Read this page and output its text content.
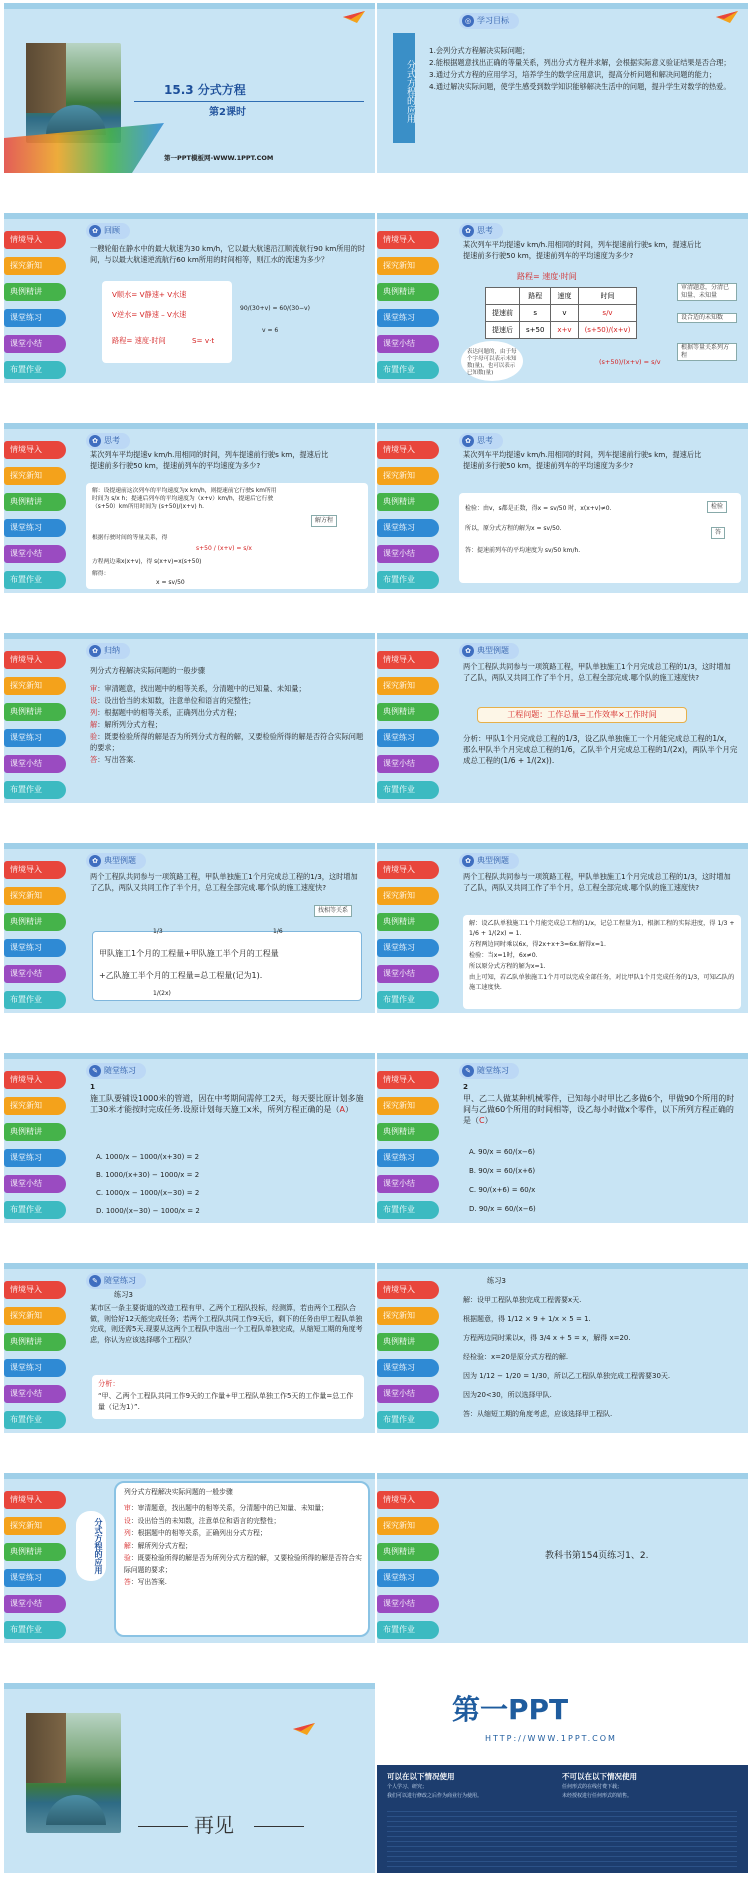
15.3 分式方程
第2课时
第一PPT模板网-WWW.1PPT.COM
分式方程的应用
◎ 学习目标

1.会列分式方程解决实际问题；

2.能根据题意找出正确的等量关系，列出分式方程并求解，会根据实际意义验证结果是否合理；

3.通过分式方程的应用学习，培养学生的数学应用意识，提高分析问题和解决问题的能力；

4.通过解决实际问题，使学生感受到数学知识能够解决生活中的问题，提升学生对数学的热爱。

情境导入
探究新知
典例精讲
课堂练习
课堂小结
布置作业
✿ 回顾
一艘轮船在静水中的最大航速为30 km/h，它以最大航速沿江顺流航行90 km所用的时间，与以最大航速逆流航行60 km所用的时间相等，则江水的流速为多少？
V顺水= V静速+ V水速
V逆水= V静速 – V水速
路程= 速度·时间	S= v·t
90/(30+v) = 60/(30−v)
v = 6
情境导入
探究新知
典例精讲
课堂练习
课堂小结
布置作业
✿ 思考
某次列车平均提速v km/h.用相同的时间，列车提速前行驶s km，提速后比提速前多行驶50 km，提速前列车的平均速度为多少?
路程= 速度·时间
	路程	速度	时间
提速前	s	v	s/v
提速后	s+50	x+v	(s+50)/(x+v)
(s+50)/(x+v) = s/v
表达问题的，由于每个字母可以表示未知数(量)，也可以表示已知数(量)
审清题意，分清已知量、未知量
设合适的未知数
根据等量关系列方程
情境导入
探究新知
典例精讲
课堂练习
课堂小结
布置作业
✿ 思考
某次列车平均提速v km/h.用相同的时间，列车提速前行驶s km，提速后比提速前多行驶50 km，提速前列车的平均速度为多少?
解：设提速前这次列车的平均速度为x km/h，则提速前它行驶s km所用时间为 s/x h；提速后列车的平均速度为（x+v）km/h，提速后它行驶（s+50）km所用时间为 (s+50)/(x+v) h.
根据行驶时间的等量关系，得
s+50 / (x+v) = s/x
方程两边乘x(x+v)，得 s(x+v)=x(s+50)
解得：
x = sv/50
解方程
情境导入
探究新知
典例精讲
课堂练习
课堂小结
布置作业
✿ 思考
某次列车平均提速v km/h.用相同的时间，列车提速前行驶s km，提速后比提速前多行驶50 km，提速前列车的平均速度为多少?
检验：由v，s都是正数，得x = sv/50 时，x(x+v)≠0.
所以，原分式方程的解为x = sv/50.
答：提速前列车的平均速度为 sv/50 km/h.
检验
答
情境导入
探究新知
典例精讲
课堂练习
课堂小结
布置作业
✿ 归纳
列分式方程解决实际问题的一般步骤

审：审清题意，找出题中的相等关系，分清题中的已知量、未知量；

设：设出恰当的未知数，注意单位和语言的完整性；

列：根据题中的相等关系，正确列出分式方程；

解：解所列分式方程；

验：既要检验所得的解是否为所列分式方程的解，又要检验所得的解是否符合实际问题的要求；

答：写出答案.

情境导入
探究新知
典例精讲
课堂练习
课堂小结
布置作业
✿ 典型例题
两个工程队共同参与一项筑路工程，甲队单独施工1个月完成总工程的1/3，这时增加了乙队，两队又共同工作了半个月，总工程全部完成.哪个队的施工速度快?
工程问题：工作总量=工作效率×工作时间
分析：甲队1个月完成总工程的1/3，设乙队单独施工一个月能完成总工程的1/x，那么甲队半个月完成总工程的1/6，乙队半个月完成总工程的1/(2x)，两队半个月完成总工程的(1/6 + 1/(2x)).
情境导入
探究新知
典例精讲
课堂练习
课堂小结
布置作业
✿ 典型例题
两个工程队共同参与一项筑路工程，甲队单独施工1个月完成总工程的1/3，这时增加了乙队，两队又共同工作了半个月，总工程全部完成.哪个队的施工速度快?
找相等关系
1/3	1/6
甲队施工1个月的工程量+甲队施工半个月的工程量
+乙队施工半个月的工程量=总工程量(记为1).
1/(2x)
情境导入
探究新知
典例精讲
课堂练习
课堂小结
布置作业
✿ 典型例题
两个工程队共同参与一项筑路工程，甲队单独施工1个月完成总工程的1/3，这时增加了乙队，两队又共同工作了半个月，总工程全部完成.哪个队的施工速度快?

解：设乙队单独施工1个月能完成总工程的1/x，记总工程量为1，根据工程的实际进度，得 1/3 + 1/6 + 1/(2x) = 1.

方程两边同时乘以6x，得2x+x+3=6x.解得x=1.

检验：当x=1时，6x≠0.

所以原分式方程的解为x=1.

由上可知，若乙队单独施工1个月可以完成全部任务，对比甲队1个月完成任务的1/3，可知乙队的施工速度快.

情境导入
探究新知
典例精讲
课堂练习
课堂小结
布置作业
✎ 随堂练习
1
施工队要铺设1000米的管道，因在中考期间需停工2天，每天要比原计划多施工30米才能按时完成任务.设原计划每天施工x米，所列方程正确的是（A）

A. 1000/x − 1000/(x+30) = 2

B. 1000/(x+30) − 1000/x = 2

C. 1000/x − 1000/(x−30) = 2

D. 1000/(x−30) − 1000/x = 2

情境导入
探究新知
典例精讲
课堂练习
课堂小结
布置作业
✎ 随堂练习
2
甲、乙二人做某种机械零件，已知每小时甲比乙多做6个，甲做90个所用的时间与乙做60个所用的时间相等，设乙每小时做x个零件，以下所列方程正确的是（C）

A. 90/x = 60/(x−6)

B. 90/x = 60/(x+6)

C. 90/(x+6) = 60/x

D. 90/x = 60/(x−6)

情境导入
探究新知
典例精讲
课堂练习
课堂小结
布置作业
✎ 随堂练习
练习3
某市区一条主要街道的改造工程有甲、乙两个工程队投标，经测算，若由两个工程队合做，则恰好12天能完成任务；若两个工程队共同工作9天后，剩下的任务由甲工程队单独完成，则还需5天.现要从这两个工程队中选出一个工程队单独完成，从缩短工期的角度考虑，你认为应该选择哪个工程队？
分析：
“甲、乙两个工程队共同工作9天的工作量+甲工程队单独工作5天的工作量=总工作量（记为1）”.
情境导入
探究新知
典例精讲
课堂练习
课堂小结
布置作业
练习3

解：设甲工程队单独完成工程需要x天.

根据题意，得 1/12 × 9 + 1/x × 5 = 1.

方程两边同时乘以x，得 3/4 x + 5 = x，解得 x=20.

经检验：x=20是原分式方程的解.

因为 1/12 − 1/20 = 1/30，所以乙工程队单独完成工程需要30天.

因为20<30，所以选择甲队.

答：从缩短工期的角度考虑，应该选择甲工程队.

情境导入
探究新知
典例精讲
课堂练习
课堂小结
布置作业
分式方程的应用
列分式方程解决实际问题的一般步骤

审：审清题意，找出题中的相等关系，分清题中的已知量、未知量；

设：设出恰当的未知数，注意单位和语言的完整性；

列：根据题中的相等关系，正确列出分式方程；

解：解所列分式方程；

验：既要检验所得的解是否为所列分式方程的解，又要检验所得的解是否符合实际问题的要求；

答：写出答案.

情境导入
探究新知
典例精讲
课堂练习
课堂小结
布置作业
教科书第154页练习1、2.
再见
第一PPT
HTTP://WWW.1PPT.COM
可以在以下情况使用

个人学习、研究；

我们可以进行修改之后作为商业行为使用。

不可以在以下情况使用

任何形式的在线付费下载；

未经授权进行任何形式的销售。
